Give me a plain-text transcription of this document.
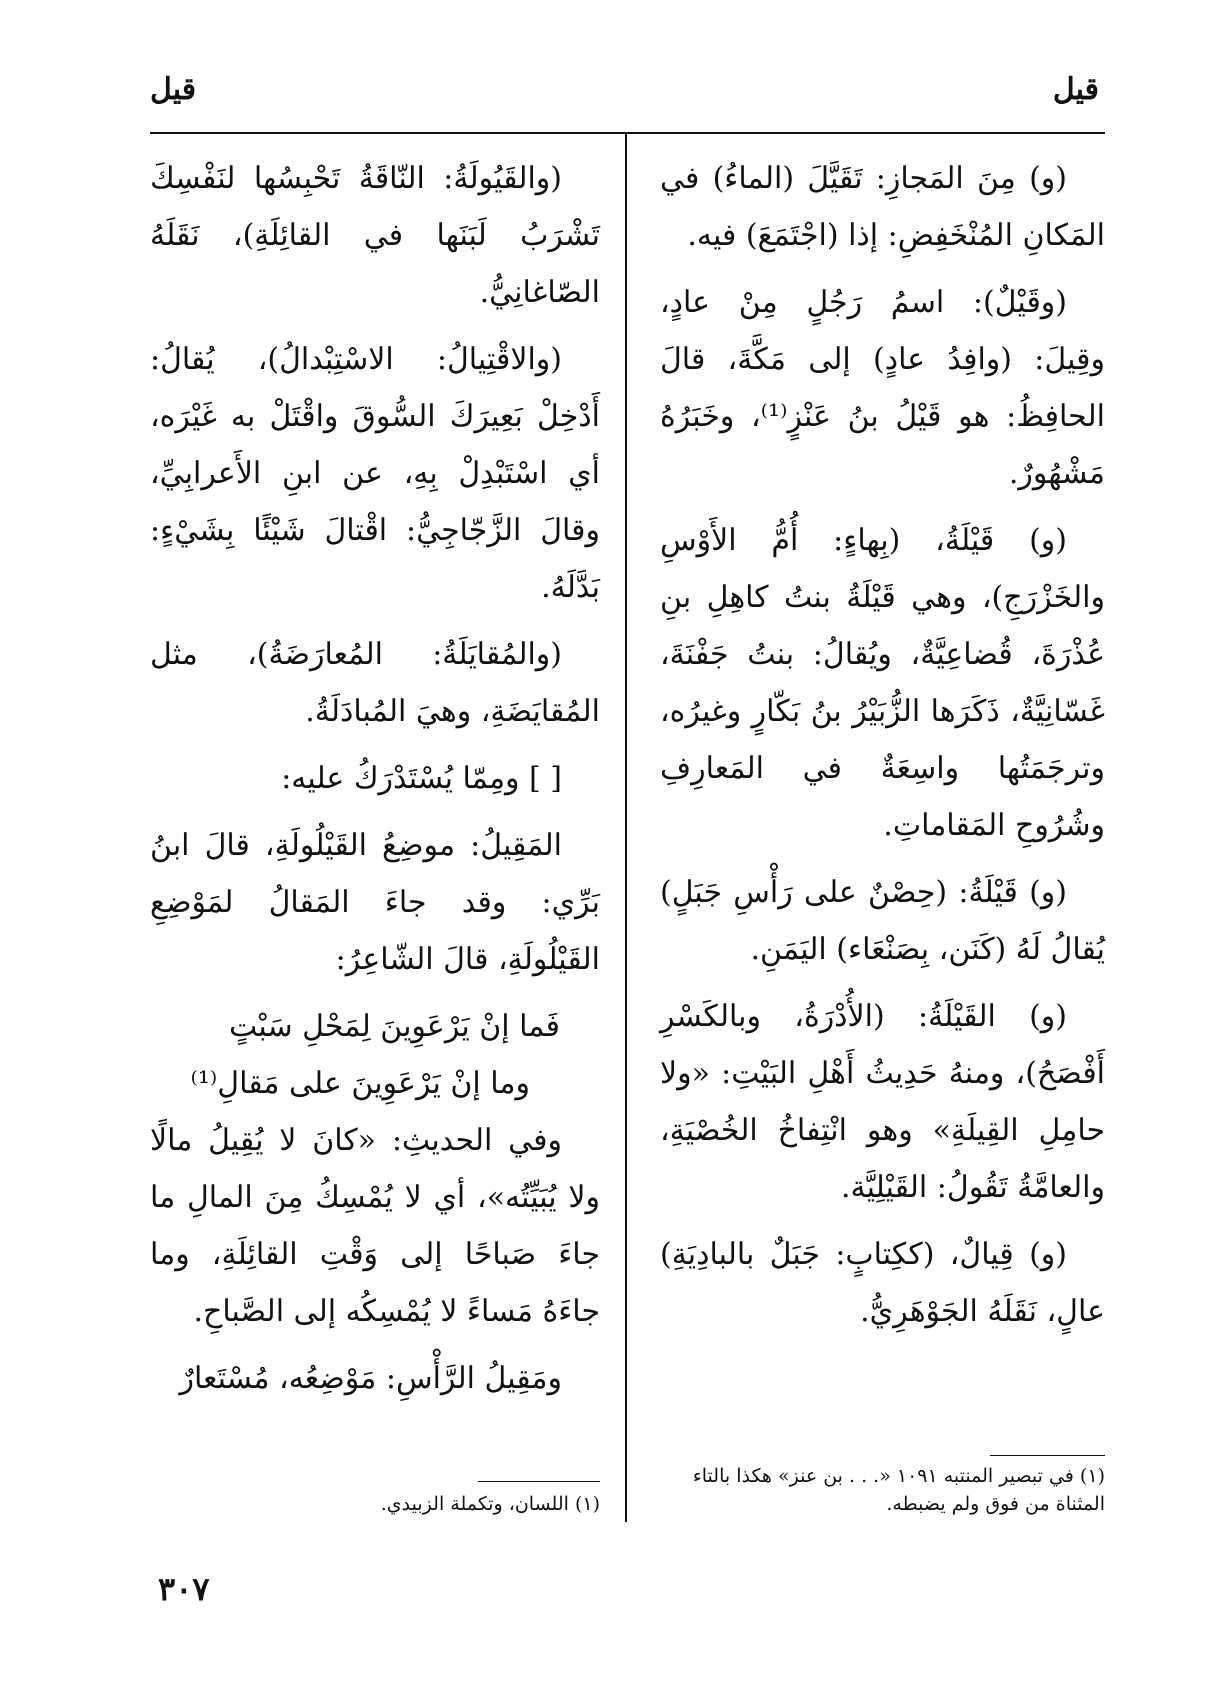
قيل
قيل

(و) مِنَ المَجازِ: تَقَيَّلَ (الماءُ) في المَكانِ المُنْخَفِضِ: إذا (اجْتَمَعَ) فيه.

(وقَيْلٌ): اسمُ رَجُلٍ مِنْ عادٍ، وقِيلَ: (وافِدُ عادٍ) إلى مَكَّةَ، قالَ الحافِظُ: هو قَيْلُ بنُ عَنْزٍ⁽¹⁾، وخَبَرُهُ مَشْهُورٌ.

(و) قَيْلَةُ، (بِهاءٍ: أُمُّ الأَوْسِ والخَزْرَجِ)، وهي قَيْلَةُ بنتُ كاهِلِ بنِ عُذْرَةَ، قُضاعِيَّةٌ، ويُقالُ: بنتُ جَفْنَةَ، غَسّانِيَّةٌ، ذَكَرَها الزُّبَيْرُ بنُ بَكّارٍ وغيرُه، وترجَمَتُها واسِعَةٌ في المَعارِفِ وشُرُوحِ المَقاماتِ.

(و) قَيْلَةُ: (حِصْنٌ على رَأْسِ جَبَلٍ) يُقالُ لَهُ (كَنَن، بِصَنْعَاء) اليَمَنِ.

(و) القَيْلَةُ: (الأُدْرَةُ، وبالكَسْرِ أَفْصَحُ)، ومنهُ حَدِيثُ أَهْلِ البَيْتِ: «ولا حامِلِ القِيلَةِ» وهو انْتِفاخُ الخُصْيَةِ، والعامَّةُ تَقُولُ: القَيْلِيَّة.

(و) قِيالٌ، (ككِتابٍ: جَبَلٌ بالبادِيَةِ) عالٍ، نَقَلَهُ الجَوْهَرِيُّ.

(والقَيُولَةُ: النّاقَةُ تَحْبِسُها لنَفْسِكَ تَشْرَبُ لَبَنَها في القائِلَةِ)، نَقَلَهُ الصّاغانِيُّ.

(والاقْتِيالُ: الاسْتِبْدالُ)، يُقالُ: أَدْخِلْ بَعِيرَكَ السُّوقَ واقْتَلْ به غَيْرَه، أي اسْتَبْدِلْ بِهِ، عن ابنِ الأَعرابِيِّ، وقالَ الزَّجّاجِيُّ: اقْتالَ شَيْئًا بِشَيْءٍ: بَدَّلَهُ.

(والمُقايَلَةُ: المُعارَضَةُ)، مثل المُقايَضَةِ، وهيَ المُبادَلَةُ.

[ ] ومِمّا يُسْتَدْرَكُ عليه:

المَقِيلُ: موضِعُ القَيْلُولَةِ، قالَ ابنُ بَرِّي: وقد جاءَ المَقالُ لمَوْضِعِ القَيْلُولَةِ، قالَ الشّاعِرُ:

فَما إنْ يَرْعَوِينَ لِمَحْلِ سَبْتٍ

وما إنْ يَرْعَوِينَ على مَقالِ⁽¹⁾

وفي الحديثِ: «كانَ لا يُقِيلُ مالًا ولا يُبَيِّتُه»، أي لا يُمْسِكُ مِنَ المالِ ما جاءَ صَباحًا إلى وَقْتِ القائِلَةِ، وما جاءَهُ مَساءً لا يُمْسِكُه إلى الصَّباحِ.

ومَقِيلُ الرَّأْسِ: مَوْضِعُه، مُسْتَعارٌ

(١) في تبصير المنتبه ١٠٩١ «. . . بن عنز» هكذا بالتاء المثناة من فوق ولم يضبطه.
(١) اللسان، وتكملة الزبيدي.
٣٠٧
